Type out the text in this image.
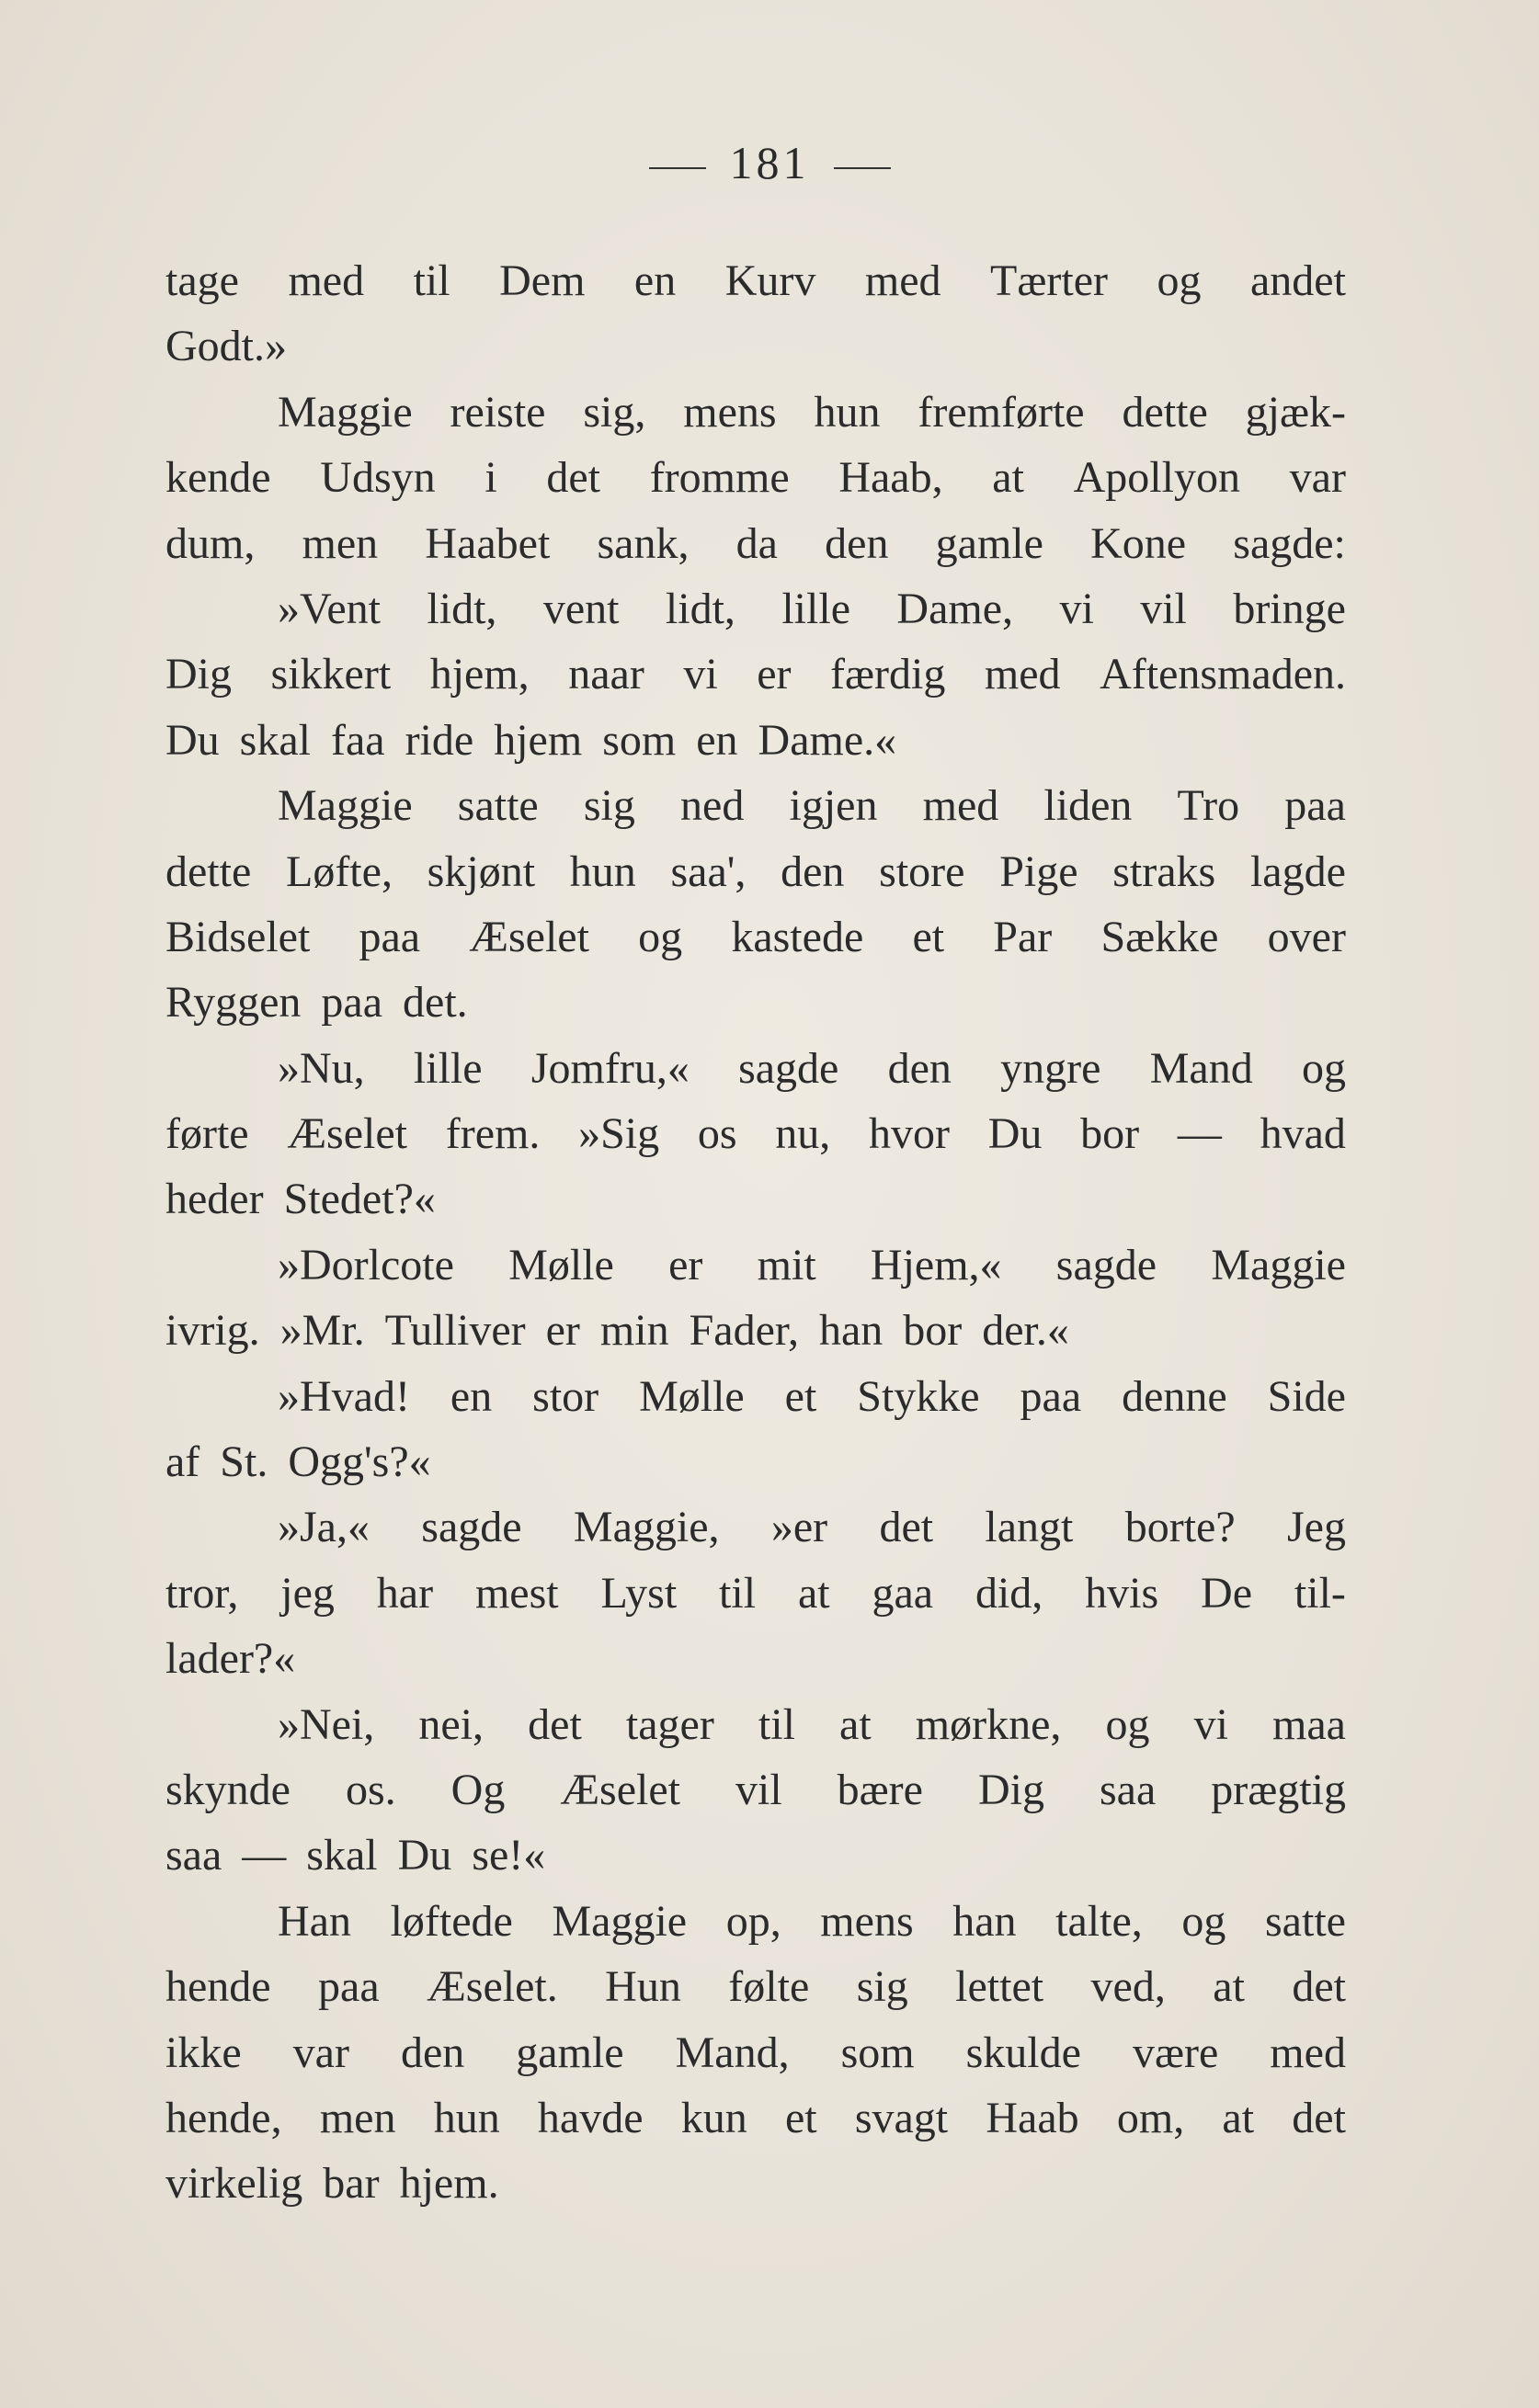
181
tage med til Dem en Kurv med Tærter og andet
Godt.»
Maggie reiste sig, mens hun fremførte dette gjæk-
kende Udsyn i det fromme Haab, at Apollyon var
dum, men Haabet sank, da den gamle Kone sagde:
»Vent lidt, vent lidt, lille Dame, vi vil bringe
Dig sikkert hjem, naar vi er færdig med Aftensmaden.
Du skal faa ride hjem som en Dame.«
Maggie satte sig ned igjen med liden Tro paa
dette Løfte, skjønt hun saa', den store Pige straks lagde
Bidselet paa Æselet og kastede et Par Sække over
Ryggen paa det.
»Nu, lille Jomfru,« sagde den yngre Mand og
førte Æselet frem. »Sig os nu, hvor Du bor — hvad
heder Stedet?«
»Dorlcote Mølle er mit Hjem,« sagde Maggie
ivrig. »Mr. Tulliver er min Fader, han bor der.«
»Hvad! en stor Mølle et Stykke paa denne Side
af St. Ogg's?«
»Ja,« sagde Maggie, »er det langt borte? Jeg
tror, jeg har mest Lyst til at gaa did, hvis De til-
lader?«
»Nei, nei, det tager til at mørkne, og vi maa
skynde os. Og Æselet vil bære Dig saa prægtig
saa — skal Du se!«
Han løftede Maggie op, mens han talte, og satte
hende paa Æselet. Hun følte sig lettet ved, at det
ikke var den gamle Mand, som skulde være med
hende, men hun havde kun et svagt Haab om, at det
virkelig bar hjem.
